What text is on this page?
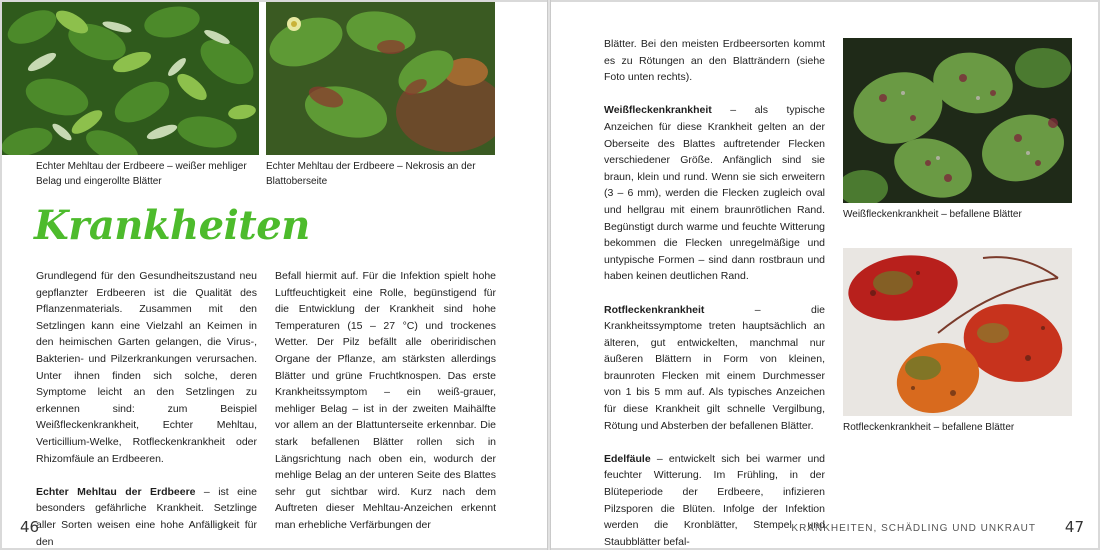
Echter Mehltau der Erdbeere – weißer mehliger Belag und eingerollte Blätter
Echter Mehltau der Erdbeere – Nekrosis an der Blattoberseite
Krankheiten

Grundlegend für den Gesundheitszustand neu gepflanzter Erdbeeren ist die Qualität des Pflanzenmaterials. Zusammen mit den Setzlingen kann eine Vielzahl an Keimen in den heimischen Garten gelangen, die Virus-, Bakterien- und Pilzerkrankungen verursachen. Unter ihnen finden sich solche, deren Symptome leicht an den Setzlingen zu erkennen sind: zum Beispiel Weißfleckenkrankheit, Echter Mehltau, Verticillium-Welke, Rotfleckenkrankheit oder Rhizomfäule an Erdbeeren.

Echter Mehltau der Erdbeere – ist eine besonders gefährliche Krankheit. Setzlinge aller Sorten weisen eine hohe Anfälligkeit für den

Befall hiermit auf. Für die Infektion spielt hohe Luftfeuchtigkeit eine Rolle, begünstigend für die Entwicklung der Krankheit sind hohe Temperaturen (15 – 27 °C) und trockenes Wetter. Der Pilz befällt alle oberiridischen Organe der Pflanze, am stärksten allerdings Blätter und grüne Fruchtknospen. Das erste Krankheitssymptom – ein weiß-grauer, mehliger Belag – ist in der zweiten Maihälfte vor allem an der Blattunterseite erkennbar. Die stark befallenen Blätter rollen sich in Längsrichtung nach oben ein, wodurch der mehlige Belag an der unteren Seite des Blattes sehr gut sichtbar wird. Kurz nach dem Auftreten dieser Mehltau-Anzeichen erkennt man erhebliche Verfärbungen der

46

Blätter. Bei den meisten Erdbeersorten kommt es zu Rötungen an den Blatträndern (siehe Foto unten rechts).

Weißfleckenkrankheit – als typische Anzeichen für diese Krankheit gelten an der Oberseite des Blattes auftretender Flecken verschiedener Größe. Anfänglich sind sie braun, klein und rund. Wenn sie sich erweitern (3 – 6 mm), werden die Flecken zugleich oval und hellgrau mit einem braunrötlichen Rand. Begünstigt durch warme und feuchte Witterung bekommen die Flecken unregelmäßige und untypische Formen – sind dann rostbraun und haben keinen deutlichen Rand.

Rotfleckenkrankheit – die Krankheitssymptome treten hauptsächlich an älteren, gut entwickelten, manchmal nur äußeren Blättern in Form von kleinen, braunroten Flecken mit einem Durchmesser von 1 bis 5 mm auf. Als typisches Anzeichen für diese Krankheit gilt schnelle Vergilbung, Rötung und Absterben der befallenen Blätter.

Edelfäule – entwickelt sich bei warmer und feuchter Witterung. Im Frühling, in der Blüteperiode der Erdbeere, infizieren Pilzsporen die Blüten. Infolge der Infektion werden die Kronblätter, Stempel und Staubblätter befal-

Weißfleckenkrankheit – befallene Blätter
Rotfleckenkrankheit – befallene Blätter
KRANKHEITEN, SCHÄDLING UND UNKRAUT 47
